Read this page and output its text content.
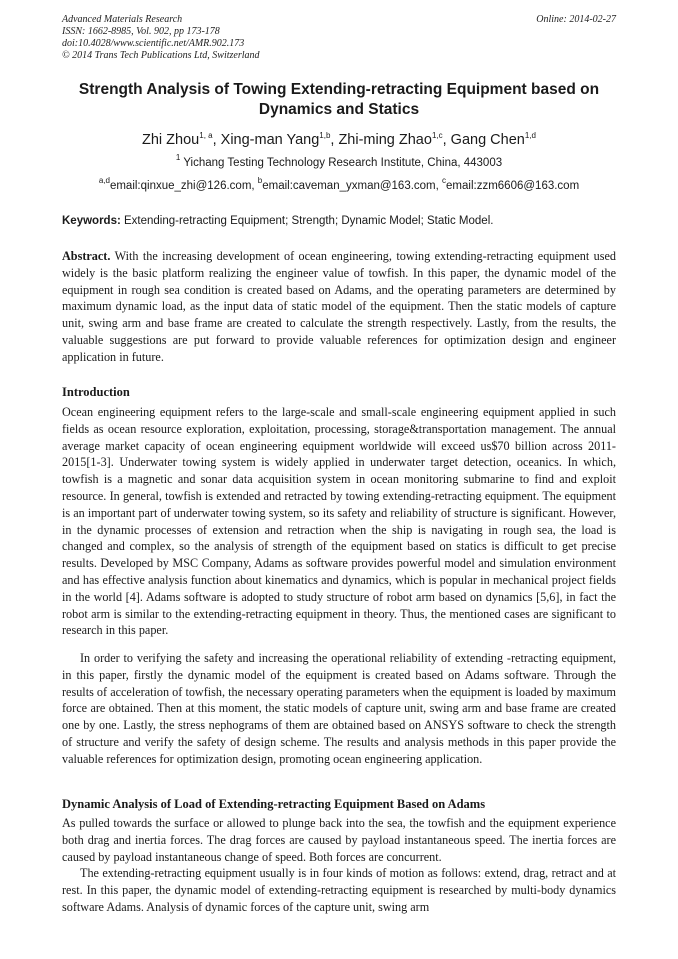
Advanced Materials Research
ISSN: 1662-8985, Vol. 902, pp 173-178
doi:10.4028/www.scientific.net/AMR.902.173
© 2014 Trans Tech Publications Ltd, Switzerland
Online: 2014-02-27
Strength Analysis of Towing Extending-retracting Equipment based on Dynamics and Statics
Zhi Zhou$^{1, a}$, Xing-man Yang$^{1,b}$, Zhi-ming Zhao$^{1,c}$, Gang Chen$^{1,d}$
$^1$ Yichang Testing Technology Research Institute, China, 443003
$^{a,d}$email:qinxue_zhi@126.com, $^b$email:caveman_yxman@163.com, $^c$email:zzm6606@163.com
Keywords: Extending-retracting Equipment; Strength; Dynamic Model; Static Model.
Abstract. With the increasing development of ocean engineering, towing extending-retracting equipment used widely is the basic platform realizing the engineer value of towfish. In this paper, the dynamic model of the equipment in rough sea condition is created based on Adams, and the operating parameters are determined by maximum dynamic load, as the input data of static model of the equipment. Then the static models of capture unit, swing arm and base frame are created to calculate the strength respectively. Lastly, from the results, the valuable suggestions are put forward to provide valuable references for optimization design and engineer application in future.
Introduction

Ocean engineering equipment refers to the large-scale and small-scale engineering equipment applied in such fields as ocean resource exploration, exploitation, processing, storage&transportation management. The annual average market capacity of ocean engineering equipment worldwide will exceed us$70 billion across 2011-2015[1-3]. Underwater towing system is widely applied in underwater target detection, oceanics. In which, towfish is a magnetic and sonar data acquisition system in ocean monitoring submarine to find and exploit resource. In general, towfish is extended and retracted by towing extending-retracting equipment. The equipment is an important part of underwater towing system, so its safety and reliability of structure is significant. However, in the dynamic processes of extension and retraction when the ship is navigating in rough sea, the load is changed and complex, so the analysis of strength of the equipment based on statics is difficult to get precise results. Developed by MSC Company, Adams as software provides powerful model and simulation environment and has effective analysis function about kinematics and dynamics, which is popular in mechanical project fields in the world [4]. Adams software is adopted to study structure of robot arm based on dynamics [5,6], in fact the robot arm is similar to the extending-retracting equipment in theory. Thus, the mentioned cases are significant to research in this paper.

In order to verifying the safety and increasing the operational reliability of extending -retracting equipment, in this paper, firstly the dynamic model of the equipment is created based on Adams software. Through the results of acceleration of towfish, the necessary operating parameters when the equipment is loaded by maximum force are obtained. Then at this moment, the static models of capture unit, swing arm and base frame are created one by one. Lastly, the stress nephograms of them are obtained based on ANSYS software to check the strength of structure and verify the safety of design scheme. The results and analysis methods in this paper provide the valuable references for optimization design, promoting ocean engineering application.

Dynamic Analysis of Load of Extending-retracting Equipment Based on Adams

As pulled towards the surface or allowed to plunge back into the sea, the towfish and the equipment experience both drag and inertia forces. The drag forces are caused by payload instantaneous speed. The inertia forces are caused by payload instantaneous change of speed. Both forces are concurrent.

The extending-retracting equipment usually is in four kinds of motion as follows: extend, drag, retract and at rest. In this paper, the dynamic model of extending-retracting equipment is researched by multi-body dynamics software Adams. Analysis of dynamic forces of the capture unit, swing arm
